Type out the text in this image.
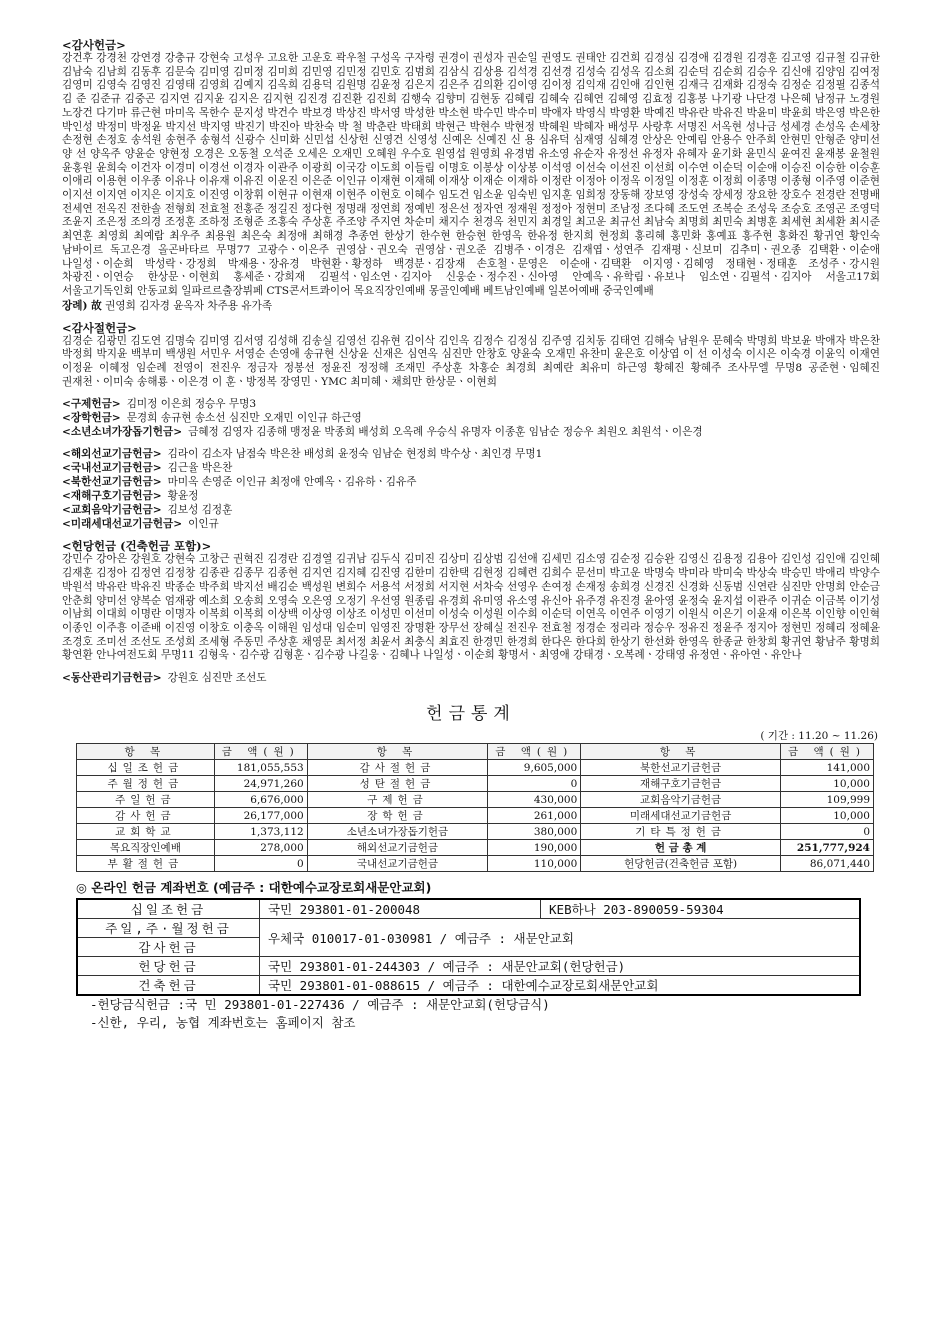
<감사헌금>
강건후 강경천 강연경 강충규 강현숙 고성우 고요한 고운호 곽우철 구성옥 구자령 권경이 권성자 권순일 권영도 권태안 김건희 김경심 김경애 김경원 김경훈 김고영 김규철 김규한 김남숙 김남희 김동후 김문숙 김미영 김미정 김미희 김민영 김민정 김민호 김범희 김삼식 김상용 김석경 김선경 김성숙 김성옥 김소희 김순덕 김순희 김승우 김신애 김양임 김여정 김영미 김영숙 김영진 김영태 김영희 김예지 김옥희 김용덕 김원명 김윤정 김은지 김은주 김의환 김이영 김이정 김익재 김인애 김인현 김재극 김재화 김정숙 김정순 김정필 김종석 김 준 김준규 김중곤 김지연 김지윤 김지은 김지현 김진경 김진환 김진희 김행숙 김향미 김현동 김혜림 김혜숙 김혜연 김혜영 김효정 김홍봉 나기광 나단경 나은혜 남정규 노경원 노장건 다기마 류근현 마미옥 목한수 문지성 박건수 박보경 박상진 박서영 박성한 박소현 박수민 박수미 박애자 박영식 박영환 박예진 박유란 박유진 박윤미 박윤희 박은영 박은한 박인성 박정미 박정윤 박지선 박지영 박진기 박진아 박찬숙 박 철 박춘란 박태희 박현근 박현수 박현정 박혜원 박혜자 배성무 사랑후 서명진 서옥현 성나금 성세경 손성옥 손세창 손정현 손정호 송석원 송현주 송형석 신광수 신미화 신민섭 신상헌 신영건 신영성 신예은 신예진 신 용 심유덕 심재영 심혜경 안상은 안예림 안용수 안주희 안현민 안형준 양미선 양 선 양옥주 양윤순 양현정 오경은 오동철 오석준 오세은 오재민 오혜원 우수호 원영섭 원영희 유경범 유소영 유순자 유정선 유정자 유혜자 윤기화 윤민식 윤여진 윤재봉 윤철원 윤홍원 윤희숙 이건자 이경미 이경선 이경자 이관주 이광희 이국강 이도희 이들림 이명호 이봉상 이상봉 이석영 이선숙 이선진 이선희 이수연 이순덕 이순애 이승진 이승한 이승훈 이애리 이용현 이우종 이유나 이유재 이유진 이운진 이은준 이인규 이재현 이재혜 이재상 이재순 이재하 이정란 이정아 이정옥 이정일 이정훈 이정희 이종명 이종형 이주영 이준현 이지선 이지연 이지은 이지호 이진영 이창휘 이현규 이현재 이현주 이현호 이혜수 임도건 임소윤 임숙빈 임지훈 임희정 장동해 장보영 장성숙 장세정 장요한 장호수 전경란 전명배 전세연 전옥진 전한솔 전형희 전효철 전홍준 정길진 정다현 정명래 정연희 정예빈 정은선 정자연 정재원 정정아 정현미 조남정 조다혜 조도연 조복순 조성욱 조승호 조영곤 조영덕 조윤지 조은정 조의경 조정훈 조하정 조형준 조홍숙 주상훈 주조양 주지연 차순미 채지수 천경옥 천민지 최경일 최고운 최규선 최남숙 최명희 최민숙 최병훈 최세현 최세환 최시준 최연훈 최영희 최예람 최우주 최용원 최은숙 최정애 최해경 추종연 한상기 한수현 한승현 한영옥 한유정 한지희 현정희 홍리혜 홍민화 홍예표 홍주현 홍화진 황귀연 황인숙 남바이르 독고은경 올곤바타르 무명77 고광수ㆍ이은주 권영삼ㆍ권오숙 권영삼ㆍ권오준 김병주ㆍ이경은 김재엽ㆍ성연주 김재평ㆍ신보미 김추미ㆍ권오종 김택환ㆍ이순애 나일성ㆍ이순희 박성락ㆍ강정희 박재용ㆍ장유경 박현환ㆍ황정하 백경분ㆍ김장재 손호철ㆍ문영은 이순애ㆍ김택환 이지영ㆍ김혜영 정태현ㆍ정태훈 조성주ㆍ강시원 차광진ㆍ이연승 한상문ㆍ이현희 홍세준ㆍ강희재 김필석ㆍ임소연ㆍ김지아 신웅순ㆍ정수진ㆍ신아영 안예옥ㆍ유학림ㆍ유보나 임소연ㆍ김필석ㆍ김지아 서울고17회 서울고기독인회 안동교회 일파르르출장뷔페 CTS콘서트콰이어 목요직장인예배 몽골인예배 베트남인예배 일본어예배 중국인예배
장례) 故 권영희 김자경 윤옥자 차주용 유가족
<감사절헌금>
김경순 김광민 김도연 김명숙 김미영 김서영 김성해 김송실 김영선 김유현 김이삭 김인옥 김정수 김정심 김주영 김치동 김태연 김해숙 남원우 문혜숙 박명희 박보윤 박애자 박은찬 박정희 박지윤 백부미 백생원 서민우 서영순 손영애 송규현 신상윤 신재은 심연옥 심진만 안창호 양윤숙 오재민 유찬미 윤은호 이상엽 이 선 이성숙 이시은 이숙경 이윤익 이재연 이정윤 이혜정 임순례 전영이 전진우 정금자 정봉선 정윤진 정정해 조재민 주상훈 차홍순 최경희 최예란 최유미 하근영 황혜진 황혜주 조사무엘 무명8 공준현ㆍ임혜진 권재천ㆍ이미숙 송해룡ㆍ이은경 이 훈ㆍ방정복 장영민ㆍYMC 최미혜ㆍ채희만 한상문ㆍ이현희
<구제헌금> 김미정 이은희 정승우 무명3
<장학헌금> 문경희 송규현 송소선 심진만 오재민 이인규 하근영
<소년소녀가장돕기헌금> 금혜정 김영자 김종해 맹정윤 박종희 배성희 오옥례 우승식 유명자 이종훈 임남순 정승우 최원오 최원석ㆍ이은경
<해외선교기금헌금> 김라이 김소자 남점숙 박은찬 배성희 윤정숙 임남순 현정희 박수상ㆍ최인경 무명1
<국내선교기금헌금> 김근율 박은찬
<북한선교기금헌금> 마미옥 손영준 이인규 최정애 안예옥ㆍ김유하ㆍ김유주
<재해구호기금헌금> 황윤정
<교회음악기금헌금> 김보성 김정훈
<미래세대선교기금헌금> 이인규
<헌당헌금 (건축헌금 포함)>
강민수 강아은 강원호 강현숙 고창근 권혁진 김경란 김경열 김귀남 김두식 김미진 김상미 김상범 김선애 김세민 김소영 김순정 김승완 김영신 김용정 김용아 김인성 김인애 김인혜 김재훈 김정아 김정연 김정창 김종관 김종무 김종현 김지연 김지혜 김진영 김한미 김한택 김현정 김혜련 김희수 문선미 박고운 박명숙 박미라 박미숙 박상숙 박승민 박애리 박양수 박원석 박유란 박유진 박종순 박주희 박지선 배김순 백성원 변희수 서용석 서정희 서지현 서차숙 선영우 손여정 손재정 송희경 신경진 신경화 신동범 신연란 심진만 안명희 안순금 안춘희 양미선 양복순 엄재광 예소희 오송희 오영숙 오은영 오정기 우선영 원종림 유경희 유미영 유소영 유신아 유주경 유진경 윤아영 윤정숙 윤지섭 이관주 이귀순 이금복 이기성 이남희 이대희 이명란 이명자 이복희 이복희 이상백 이상영 이상조 이성민 이선미 이성숙 이성원 이수희 이순덕 이연옥 이연주 이영기 이원식 이은기 이윤재 이은복 이인향 이인혁 이종인 이주흥 이준배 이진영 이창호 이충옥 이해원 임성대 임순미 임영진 장명환 장무선 장혜실 전진우 전효철 정경순 정리라 정승우 정유진 정윤주 정지아 정현민 정혜리 정혜윤 조경호 조미선 조선도 조성희 조세형 주동민 주상훈 채영문 최서정 최윤서 최충식 최효진 한경민 한경희 한다은 한다희 한상기 한선화 한영옥 한종균 한창희 황귀연 황남주 황명희 황연환 안나여전도회 무명11 김형욱ㆍ김수광 김형훈ㆍ김수광 나길웅ㆍ김혜나 나일성ㆍ이순희 황명서ㆍ최영애 강태경ㆍ오복례ㆍ강태영 유정연ㆍ유아연ㆍ유안나
<동산관리기금헌금> 강원호 심진만 조선도
헌금통계
( 기간 : 11.20 ~ 11.26)
항 목	금 액(원)	항 목	금 액(원)	항 목	금 액(원)
십일조헌금	181,055,553	감사절헌금	9,605,000	북한선교기금헌금	141,000
주월정헌금	24,971,260	성탄절헌금	0	재해구호기금헌금	10,000
주일헌금	6,676,000	구제헌금	430,000	교회음악기금헌금	109,999
감사헌금	26,177,000	장학헌금	261,000	미래세대선교기금헌금	10,000
교회학교	1,373,112	소년소녀가장돕기헌금	380,000	기타특정헌금	0
목요직장인예배	278,000	해외선교기금헌금	190,000	헌 금 총 계	251,777,924
부활절헌금	0	국내선교기금헌금	110,000	헌당헌금(건축헌금 포함)	86,071,440
◎ 온라인 헌금 계좌번호 (예금주 : 대한예수교장로회새문안교회)
십일조헌금	국민 293801-01-200048	KEB하나 203-890059-59304
주일,주·월정헌금	우체국 010017-01-030981 / 예금주 : 새문안교회	
감사헌금		
헌당헌금	국민 293801-01-244303 / 예금주 : 새문안교회(헌당헌금)	
건축헌금	국민 293801-01-088615 / 예금주 : 대한예수교장로회새문안교회	
-헌당금식헌금 :국 민 293801-01-227436 / 예금주 : 새문안교회(헌당금식)
-신한, 우리, 농협 계좌번호는 홈페이지 참조
